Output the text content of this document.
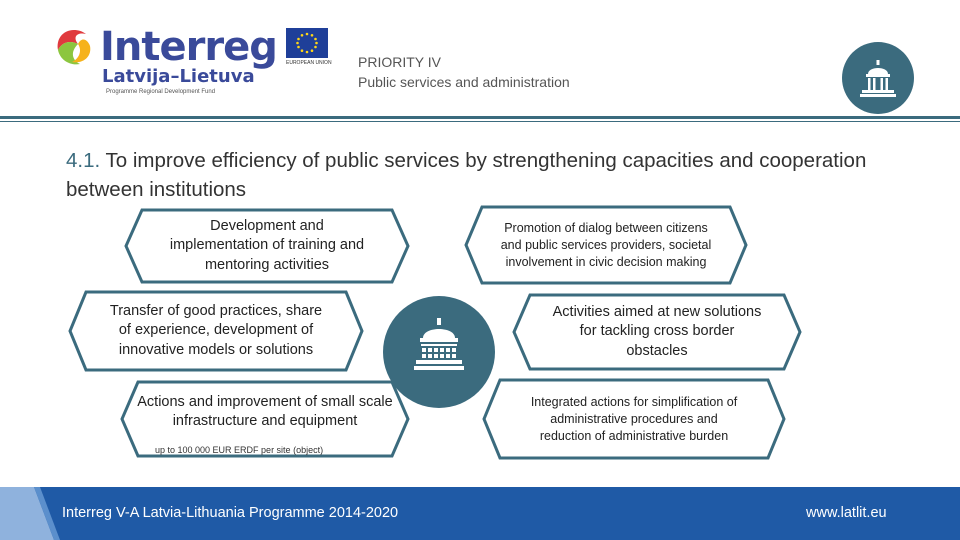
Interreg
Latvija–Lietuva
Programme Regional Development Fund
EUROPEAN UNION PRIORITY IV
Public services and administration
4.1. To improve efficiency of public services by strengthening capacities and cooperation between institutions
Development and implementation of training and mentoring activities
Transfer of good practices, share of experience, development of innovative models or solutions
Actions and improvement of small scale infrastructure and equipment
up to 100 000 EUR ERDF per site (object)
Promotion of dialog between citizens and public services providers, societal involvement in civic decision making
Activities aimed at new solutions for tackling cross border obstacles
Integrated actions for simplification of administrative procedures and reduction of administrative burden
Interreg V-A Latvia-Lithuania Programme 2014-2020	www.latlit.eu
